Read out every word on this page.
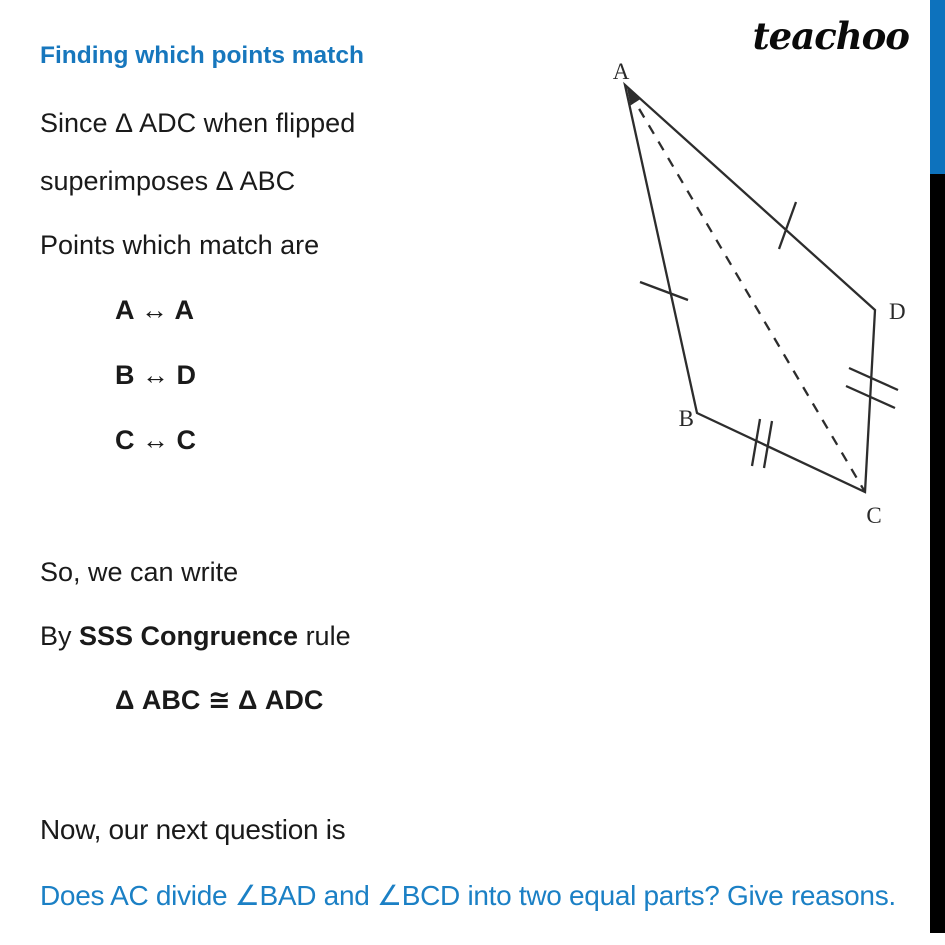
teachoo
Finding which points match
Since Δ ADC when flipped
superimposes Δ ABC
Points which match are
A ↔ A
B ↔ D
C ↔ C
So, we can write
By SSS Congruence rule
Δ ABC ≅ Δ ADC
Now, our next question is
Does AC divide ∠BAD and ∠BCD into two equal parts? Give reasons.
A
B
C
D
